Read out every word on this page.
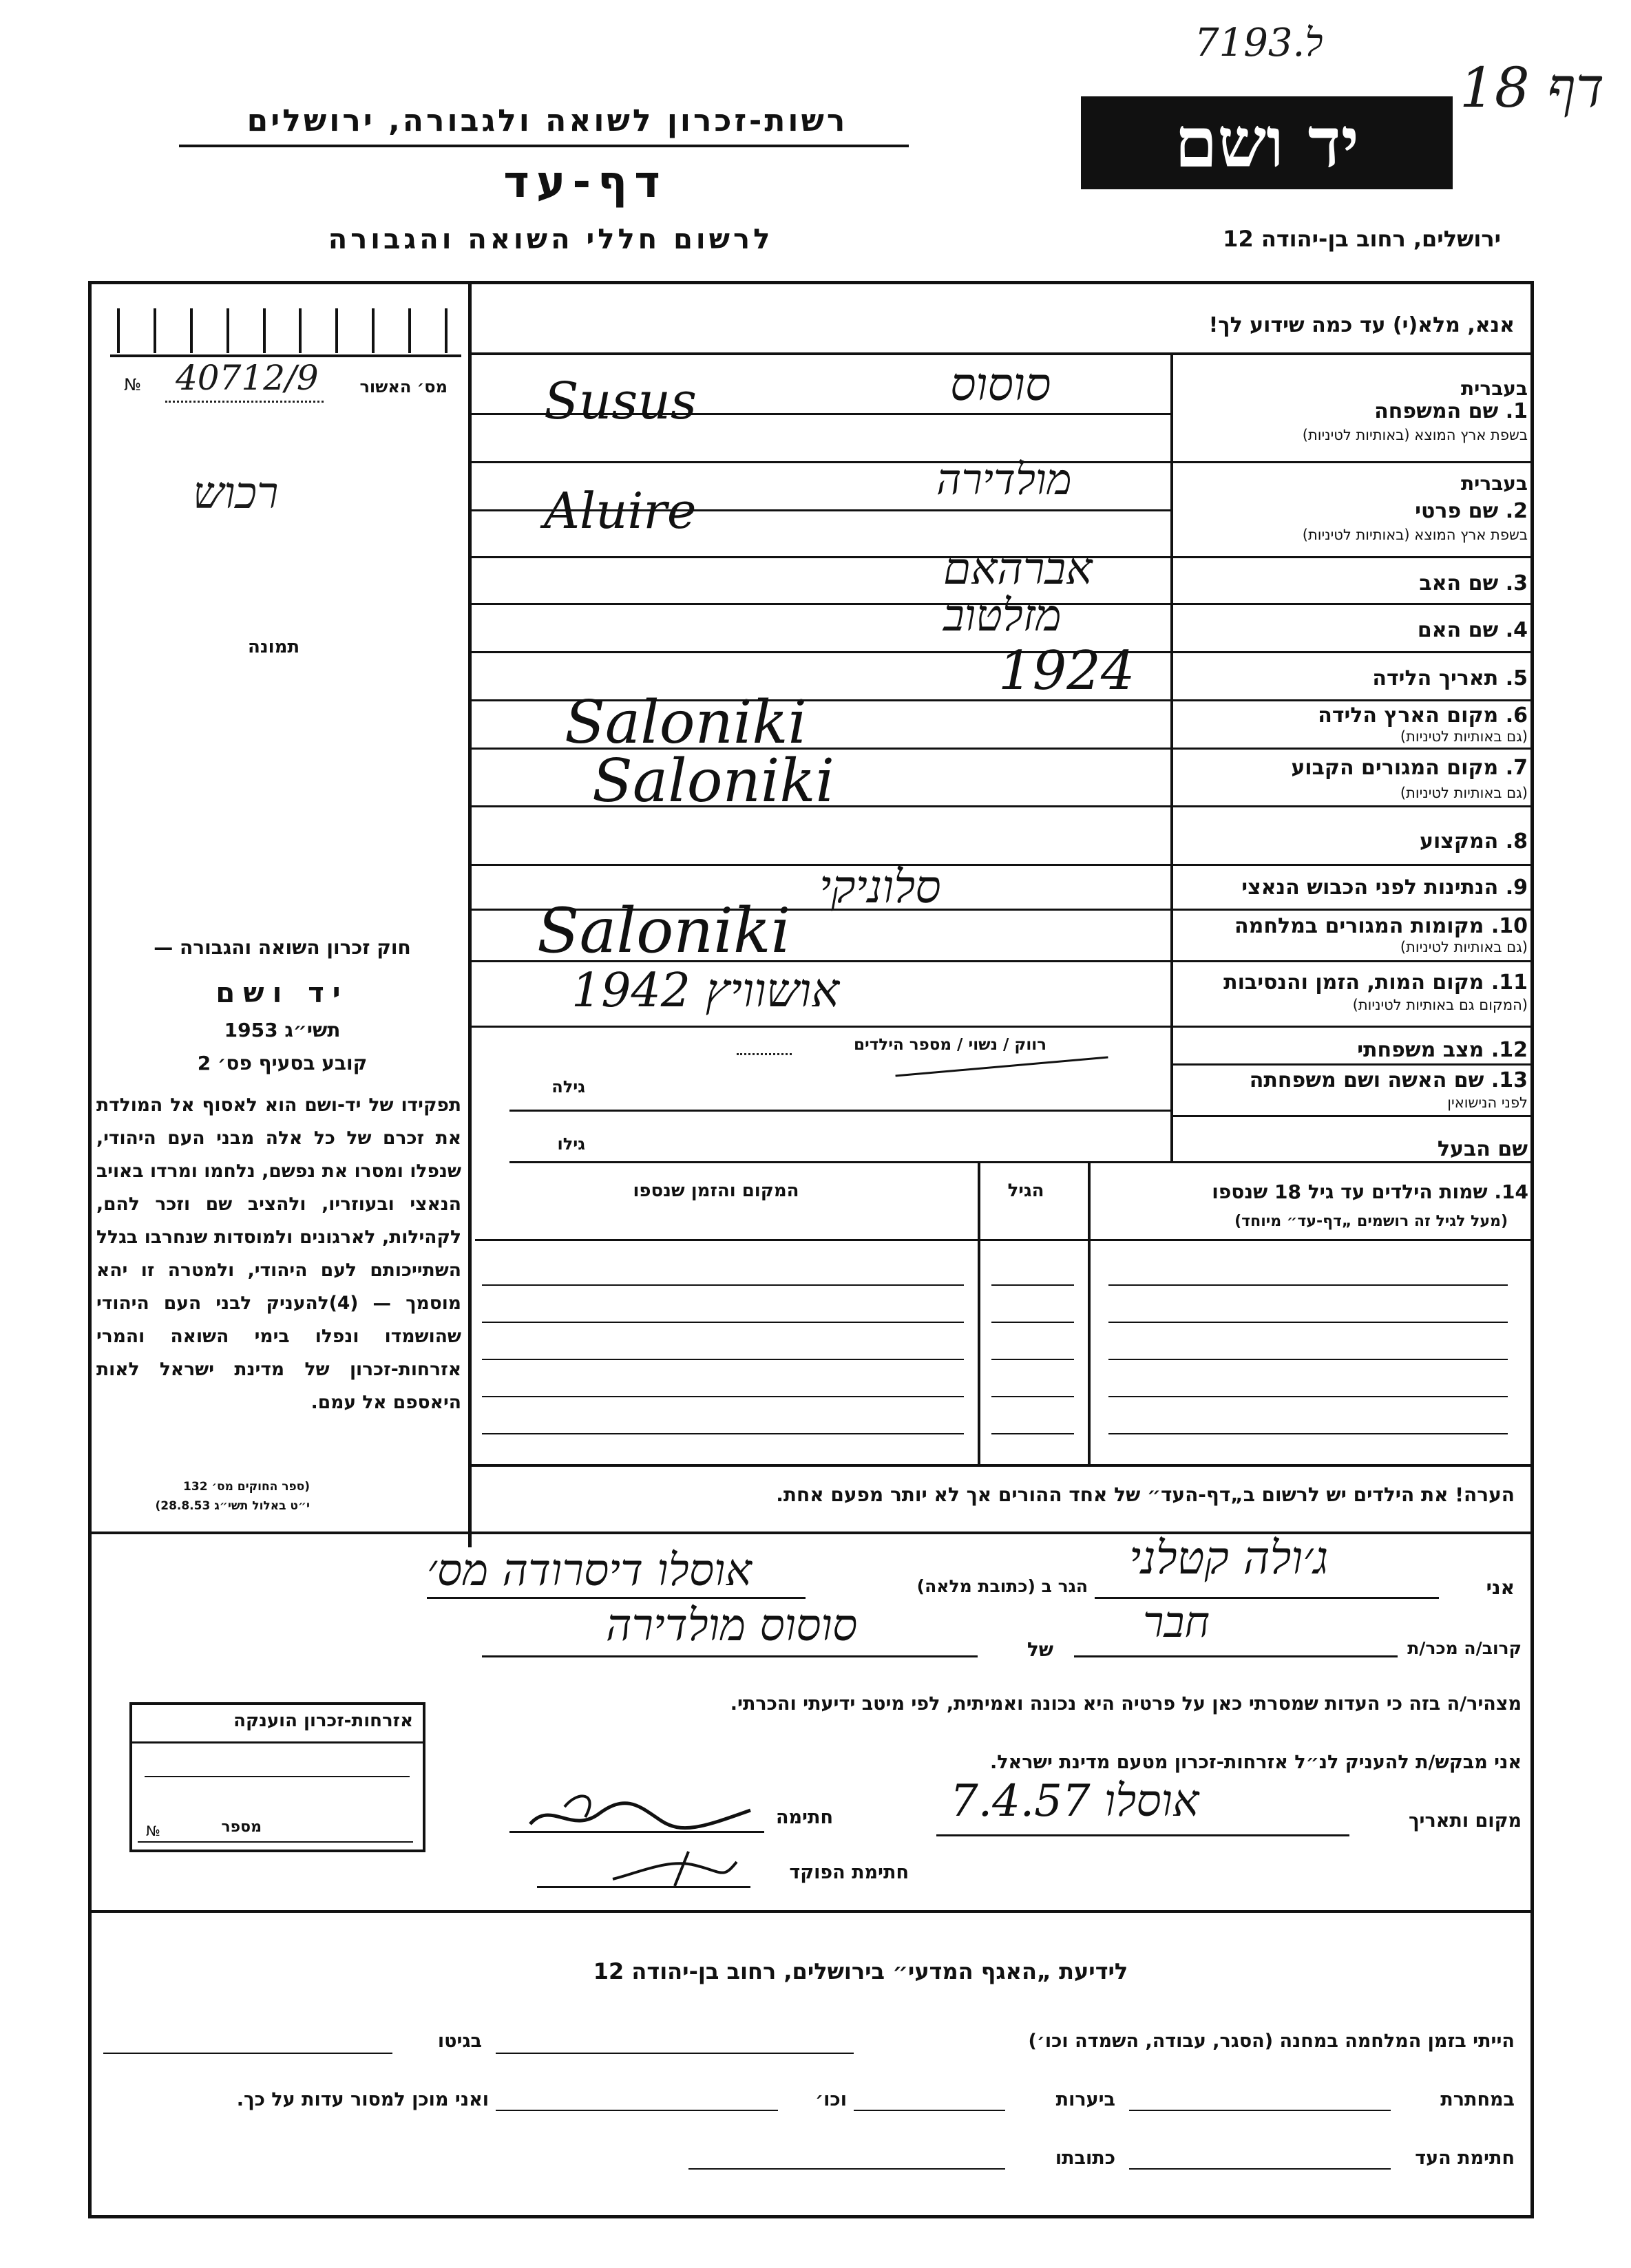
7ל.193
דף 18
רשות-זכרון לשואה ולגבורה, ירושלים
דף-עד
לרשום חללי השואה והגבורה
יד ושם
ירושלים, רחוב בן-יהודה 12
№ 40712/9	מס׳ האשור
רכוש
תמונה
חוק זכרון השואה והגבורה —
יד ושם
תשי״ג 1953
קובע בסעיף פס׳ 2
תפקידו של יד-ושם הוא לאסוף אל המולדת את זכרם של כל אלה מבני העם היהודי, שנפלו ומסרו את נפשם, נלחמו ומרדו באויב הנאצי ובעוזריו, ולהציב שם וזכר להם, לקהילות, לארגונים ולמוסדות שנחרבו בגלל השתייכותם לעם היהודי, ולמטרה זו יהא מוסמך — (4)להעניק לבני העם היהודי שהושמדו ונפלו בימי השואה והמרי אזרחות-זכרון של מדינת ישראל לאות היאספם אל עמם.
(ספר החוקים מס׳ 132
י״ט באלול תשי״ג 28.8.53)
אנא, מלא(י) עד כמה שידוע לך!
בעברית
1. שם המשפחה
בשפת ארץ המוצא (באותיות לטיניות)
בעברית
2. שם פרטי
בשפת ארץ המוצא (באותיות לטיניות)
3. שם האב
4. שם האם
5. תאריך הלידה
6. מקום הארץ הלידה
(גם באותיות לטיניות)
7. מקום המגורים הקבוע
(גם באותיות לטיניות)
8. המקצוע
9. הנתינות לפני הכבוש הנאצי
10. מקומות המגורים במלחמה
(גם באותיות לטיניות)
11. מקום המות, הזמן והנסיבות
(המקום גם באותיות לטיניות)
12. מצב משפחתי
13. שם האשה ושם משפחתה
לפני הנישואין
שם הבעל
סוסוס
Susus
מולדירה
Aluire
אברהאם
מזלטוב
1924
Saloniki
Saloniki
סלוניקי
Saloniki
אושוויץ 1942
רווק / נשוי / מספר הילדים
גילה
גילו
14. שמות הילדים עד גיל 18 שנספו
(מעל לגיל זה רושמים „דף-עד״ מיוחד)
הגיל
המקום והזמן שנספו
הערה! את הילדים יש לרשום ב„דף-העד״ של אחד ההורים אך לא יותר מפעם אחת.
אני
ג׳ולה קטלני
הגר ב (כתובת מלאה)
אוסלו דיסרודה מס׳
קרוב/ה מכר/ת
חבר
של
סוסוס מולדירה
מצהיר/ה בזה כי העדות שמסרתי כאן על פרטיה היא נכונה ואמיתית, לפי מיטב ידיעתי והכרתי.
אני מבקש/ת להעניק לנ״ל אזרחות-זכרון מטעם מדינת ישראל.
מקום ותאריך
אוסלו 7.4.57
חתימה
חתימת הפוקד
אזרחות-זכרון הוענקה
№	מספר
לידיעת „האגף המדעי״ בירושלים, רחוב בן-יהודה 12
הייתי בזמן המלחמה במחנה (הסגר, עבודה, השמדה וכו׳)
בגיטו
במחתרת
ביערות
וכו׳
ואני מוכן למסור עדות על כך.
חתימת העד
כתובתו
